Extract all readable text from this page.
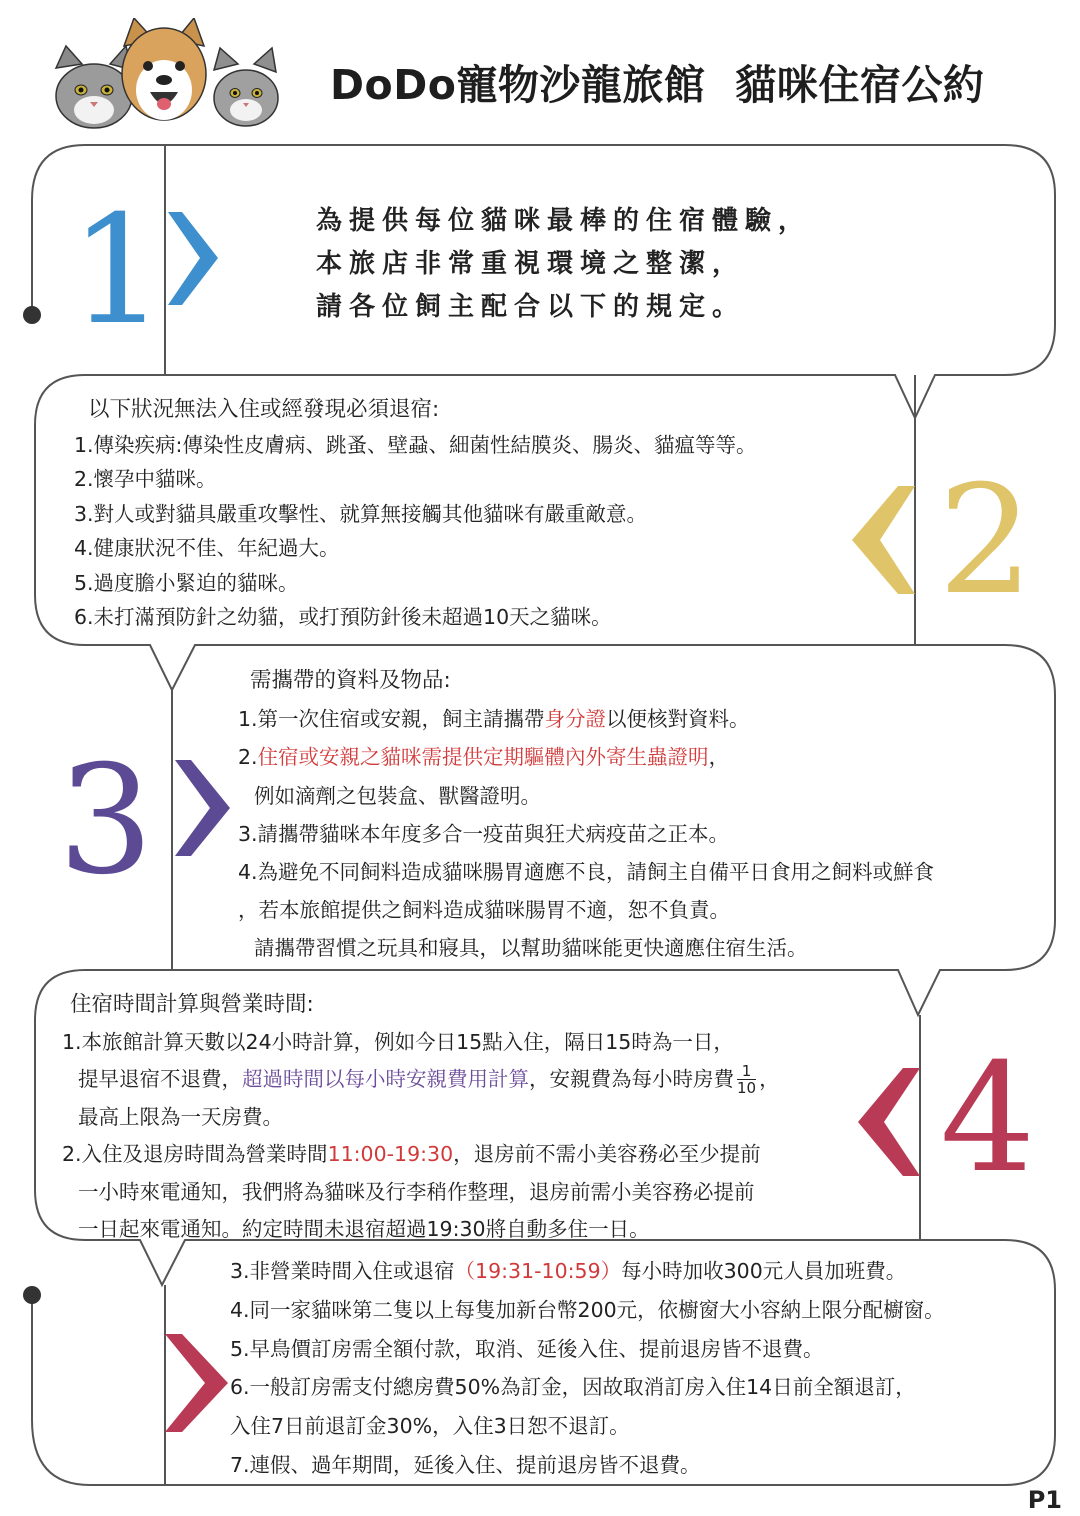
DoDo寵物沙龍旅館 貓咪住宿公約
1
2
3
4
為提供每位貓咪最棒的住宿體驗，
本旅店非常重視環境之整潔，
請各位飼主配合以下的規定。
以下狀況無法入住或經發現必須退宿:
1.傳染疾病:傳染性皮膚病、跳蚤、壁蝨、細菌性結膜炎、腸炎、貓瘟等等。
2.懷孕中貓咪。
3.對人或對貓具嚴重攻擊性、就算無接觸其他貓咪有嚴重敵意。
4.健康狀況不佳、年紀過大。
5.過度膽小緊迫的貓咪。
6.未打滿預防針之幼貓，或打預防針後未超過10天之貓咪。
需攜帶的資料及物品:
1.第一次住宿或安親，飼主請攜帶身分證以便核對資料。
2.住宿或安親之貓咪需提供定期驅體內外寄生蟲證明，
例如滴劑之包裝盒、獸醫證明。
3.請攜帶貓咪本年度多合一疫苗與狂犬病疫苗之正本。
4.為避免不同飼料造成貓咪腸胃適應不良，請飼主自備平日食用之飼料或鮮食
，若本旅館提供之飼料造成貓咪腸胃不適，恕不負責。
請攜帶習慣之玩具和寢具，以幫助貓咪能更快適應住宿生活。
住宿時間計算與營業時間:
1.本旅館計算天數以24小時計算，例如今日15點入住，隔日15時為一日，
提早退宿不退費，超過時間以每小時安親費用計算，安親費為每小時房費 $\frac{1}{10}$ ，
最高上限為一天房費。
2.入住及退房時間為營業時間11:00-19:30，退房前不需小美容務必至少提前
一小時來電通知，我們將為貓咪及行李稍作整理，退房前需小美容務必提前
一日起來電通知。約定時間未退宿超過19:30將自動多住一日。
3.非營業時間入住或退宿（19:31-10:59）每小時加收300元人員加班費。
4.同一家貓咪第二隻以上每隻加新台幣200元，依櫥窗大小容納上限分配櫥窗。
5.早鳥價訂房需全額付款，取消、延後入住、提前退房皆不退費。
6.一般訂房需支付總房費50%為訂金，因故取消訂房入住14日前全額退訂，
入住7日前退訂金30%，入住3日恕不退訂。
7.連假、過年期間，延後入住、提前退房皆不退費。
P1
